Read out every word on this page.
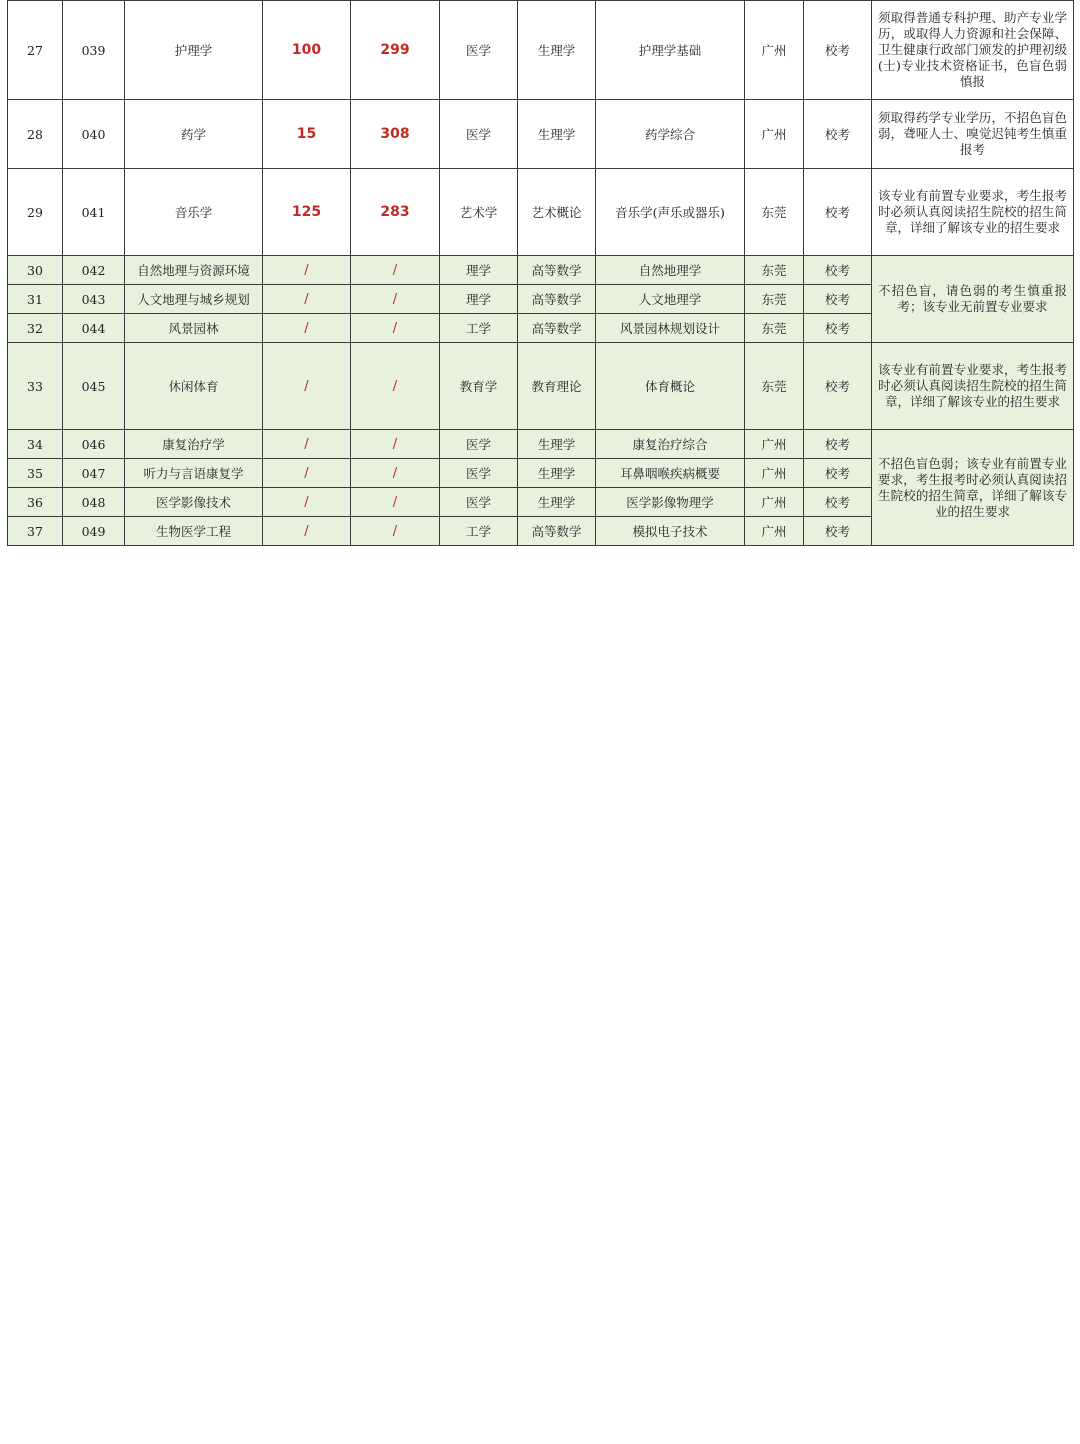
27	039	护理学	100	299	医学	生理学	护理学基础	广州	校考	须取得普通专科护理、助产专业学历，或取得人力资源和社会保障、卫生健康行政部门颁发的护理初级(士)专业技术资格证书，色盲色弱慎报
28	040	药学	15	308	医学	生理学	药学综合	广州	校考	须取得药学专业学历，不招色盲色弱，聋哑人士、嗅觉迟钝考生慎重报考
29	041	音乐学	125	283	艺术学	艺术概论	音乐学(声乐或器乐)	东莞	校考	该专业有前置专业要求，考生报考时必须认真阅读招生院校的招生简章，详细了解该专业的招生要求
30	042	自然地理与资源环境	/	/	理学	高等数学	自然地理学	东莞	校考	不招色盲，请色弱的考生慎重报考；该专业无前置专业要求
31	043	人文地理与城乡规划	/	/	理学	高等数学	人文地理学	东莞	校考	
32	044	风景园林	/	/	工学	高等数学	风景园林规划设计	东莞	校考	
33	045	休闲体育	/	/	教育学	教育理论	体育概论	东莞	校考	该专业有前置专业要求，考生报考时必须认真阅读招生院校的招生简章，详细了解该专业的招生要求
34	046	康复治疗学	/	/	医学	生理学	康复治疗综合	广州	校考	不招色盲色弱；该专业有前置专业要求，考生报考时必须认真阅读招生院校的招生简章，详细了解该专业的招生要求
35	047	听力与言语康复学	/	/	医学	生理学	耳鼻咽喉疾病概要	广州	校考	
36	048	医学影像技术	/	/	医学	生理学	医学影像物理学	广州	校考	
37	049	生物医学工程	/	/	工学	高等数学	模拟电子技术	广州	校考	
